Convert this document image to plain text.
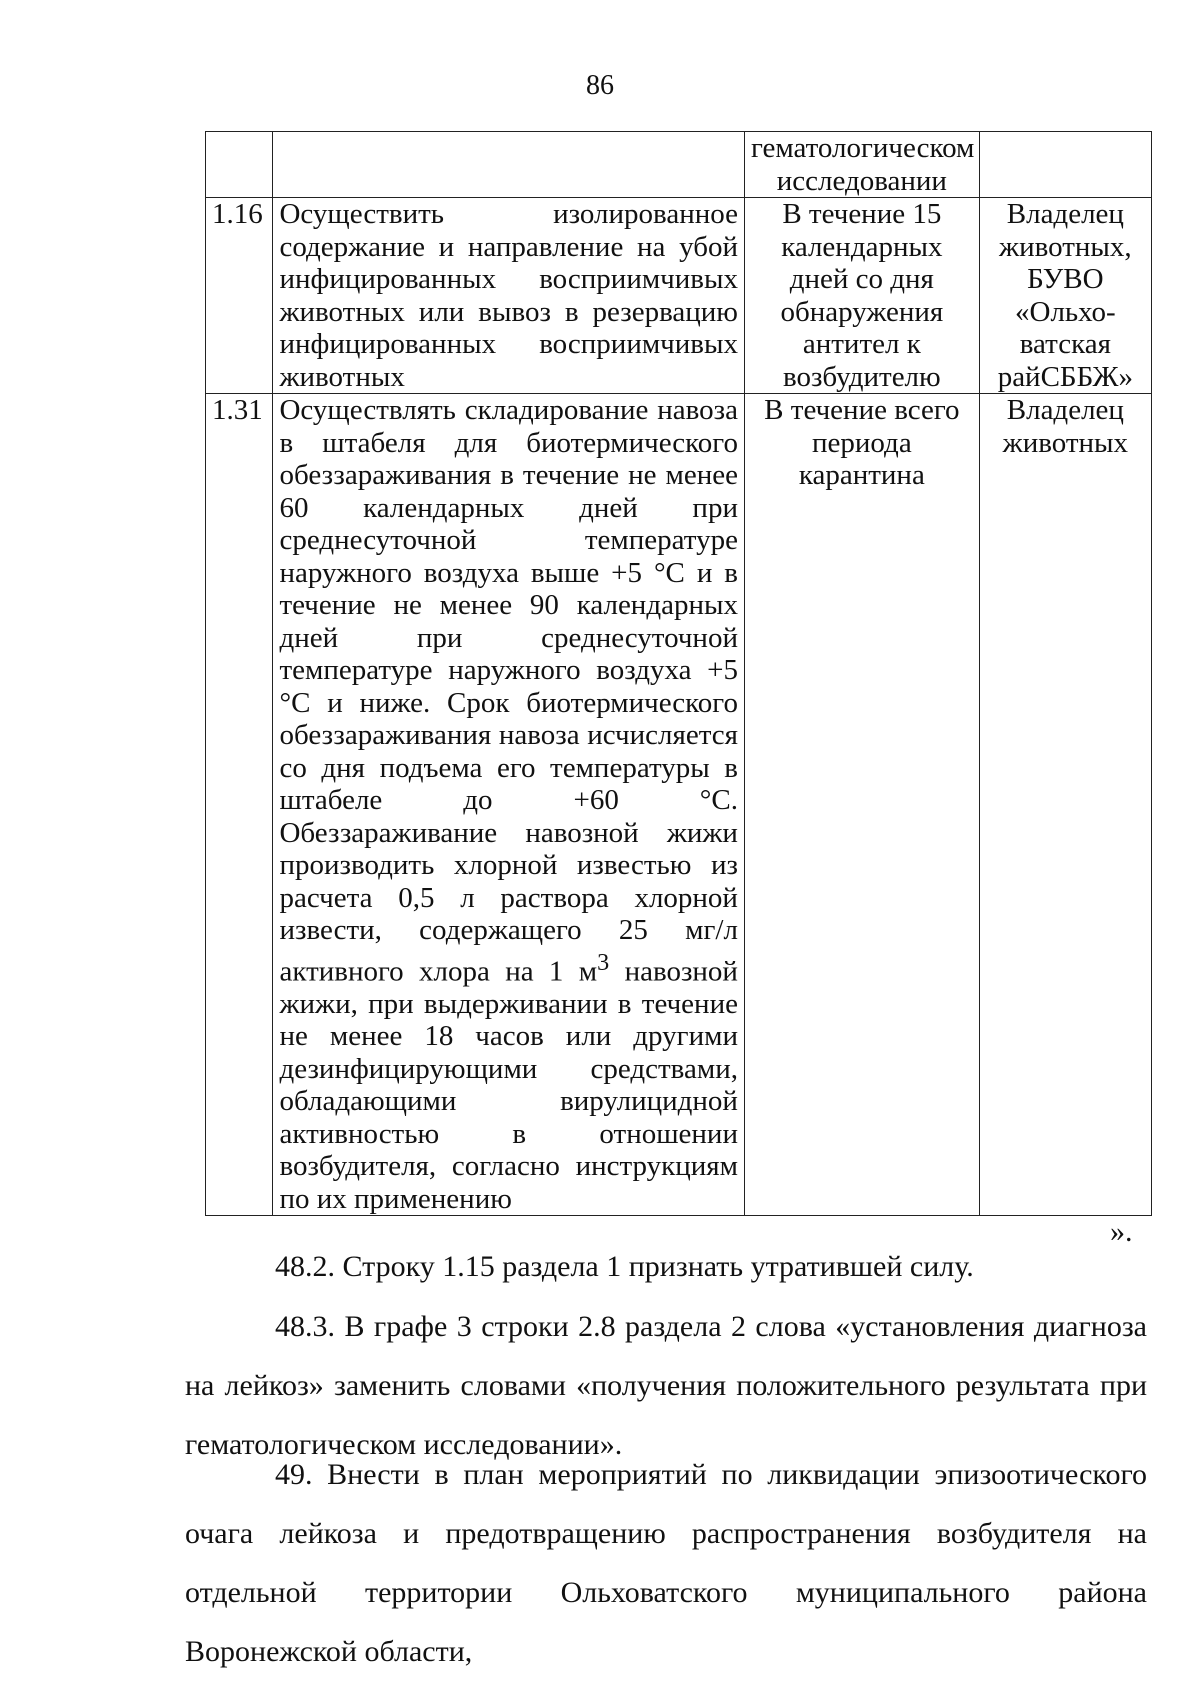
86
		гематологическом исследовании	
1.16	Осуществить изолированное содержание и направление на убой инфицированных восприимчивых животных или вывоз в резервацию инфицированных восприимчивых животных	В течение 15 календарных дней со дня обнаружения антител к возбудителю	Владелец животных, БУВО «Ольхо-ватская райСББЖ»
1.31	Осуществлять складирование навоза в штабеля для биотермического обеззараживания в течение не менее 60 календарных дней при среднесуточной температуре наружного воздуха выше +5 °С и в течение не менее 90 календарных дней при среднесуточной температуре наружного воздуха +5 °С и ниже. Срок биотермического обеззараживания навоза исчисляется со дня подъема его температуры в штабеле до +60 °С. Обеззараживание навозной жижи производить хлорной известью из расчета 0,5 л раствора хлорной извести, содержащего 25 мг/л активного хлора на 1 $м^3$ навозной жижи, при выдерживании в течение не менее 18 часов или другими дезинфицирующими средствами, обладающими вирулицидной активностью в отношении возбудителя, согласно инструкциям по их применению	В течение всего периода карантина	Владелец животных
».

48.2. Строку 1.15 раздела 1 признать утратившей силу.

48.3. В графе 3 строки 2.8 раздела 2 слова «установления диагноза на лейкоз» заменить словами «получения положительного результата при гематологическом исследовании».

49. Внести в план мероприятий по ликвидации эпизоотического очага лейкоза и предотвращению распространения возбудителя на отдельной территории Ольховатского муниципального района Воронежской области,
